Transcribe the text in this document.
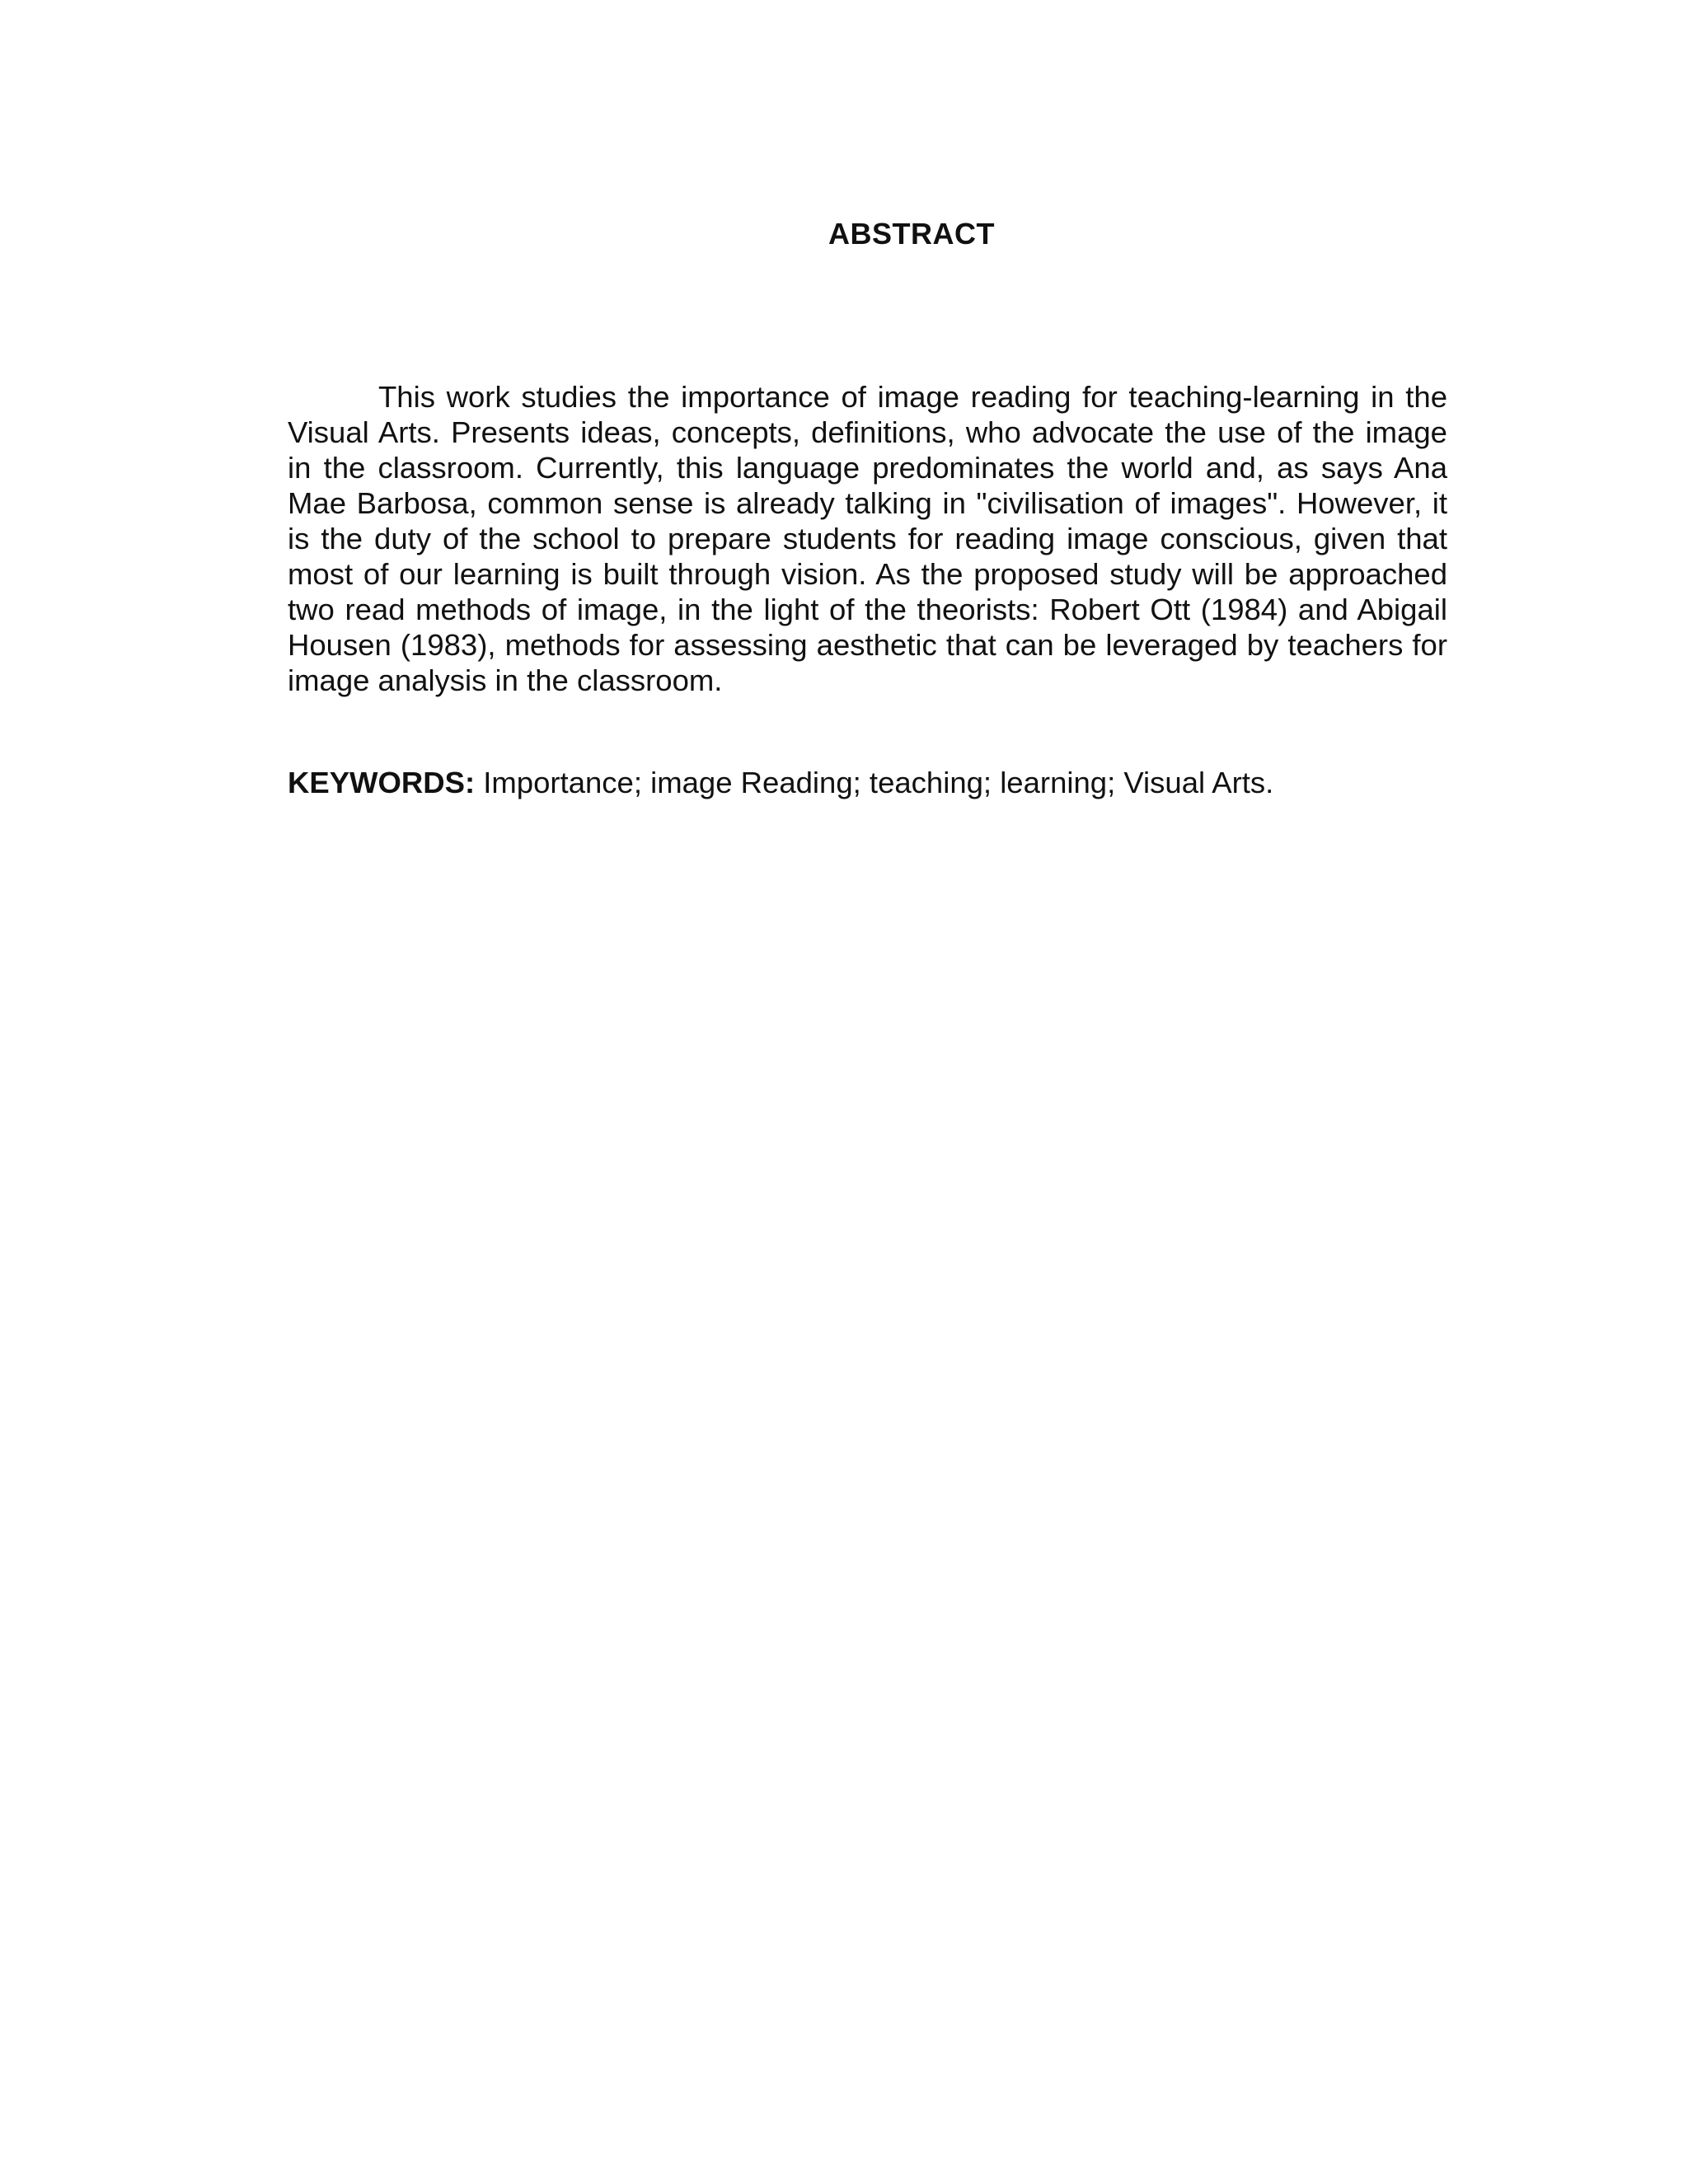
ABSTRACT

This work studies the importance of image reading for teaching-learning in the Visual Arts. Presents ideas, concepts, definitions, who advocate the use of the image in the classroom. Currently, this language predominates the world and, as says Ana Mae Barbosa, common sense is already talking in "civilisation of images". However, it is the duty of the school to prepare students for reading image conscious, given that most of our learning is built through vision. As the proposed study will be approached two read methods of image, in the light of the theorists: Robert Ott (1984) and Abigail Housen (1983), methods for assessing aesthetic that can be leveraged by teachers for image analysis in the classroom.

KEYWORDS: Importance; image Reading; teaching; learning; Visual Arts.
